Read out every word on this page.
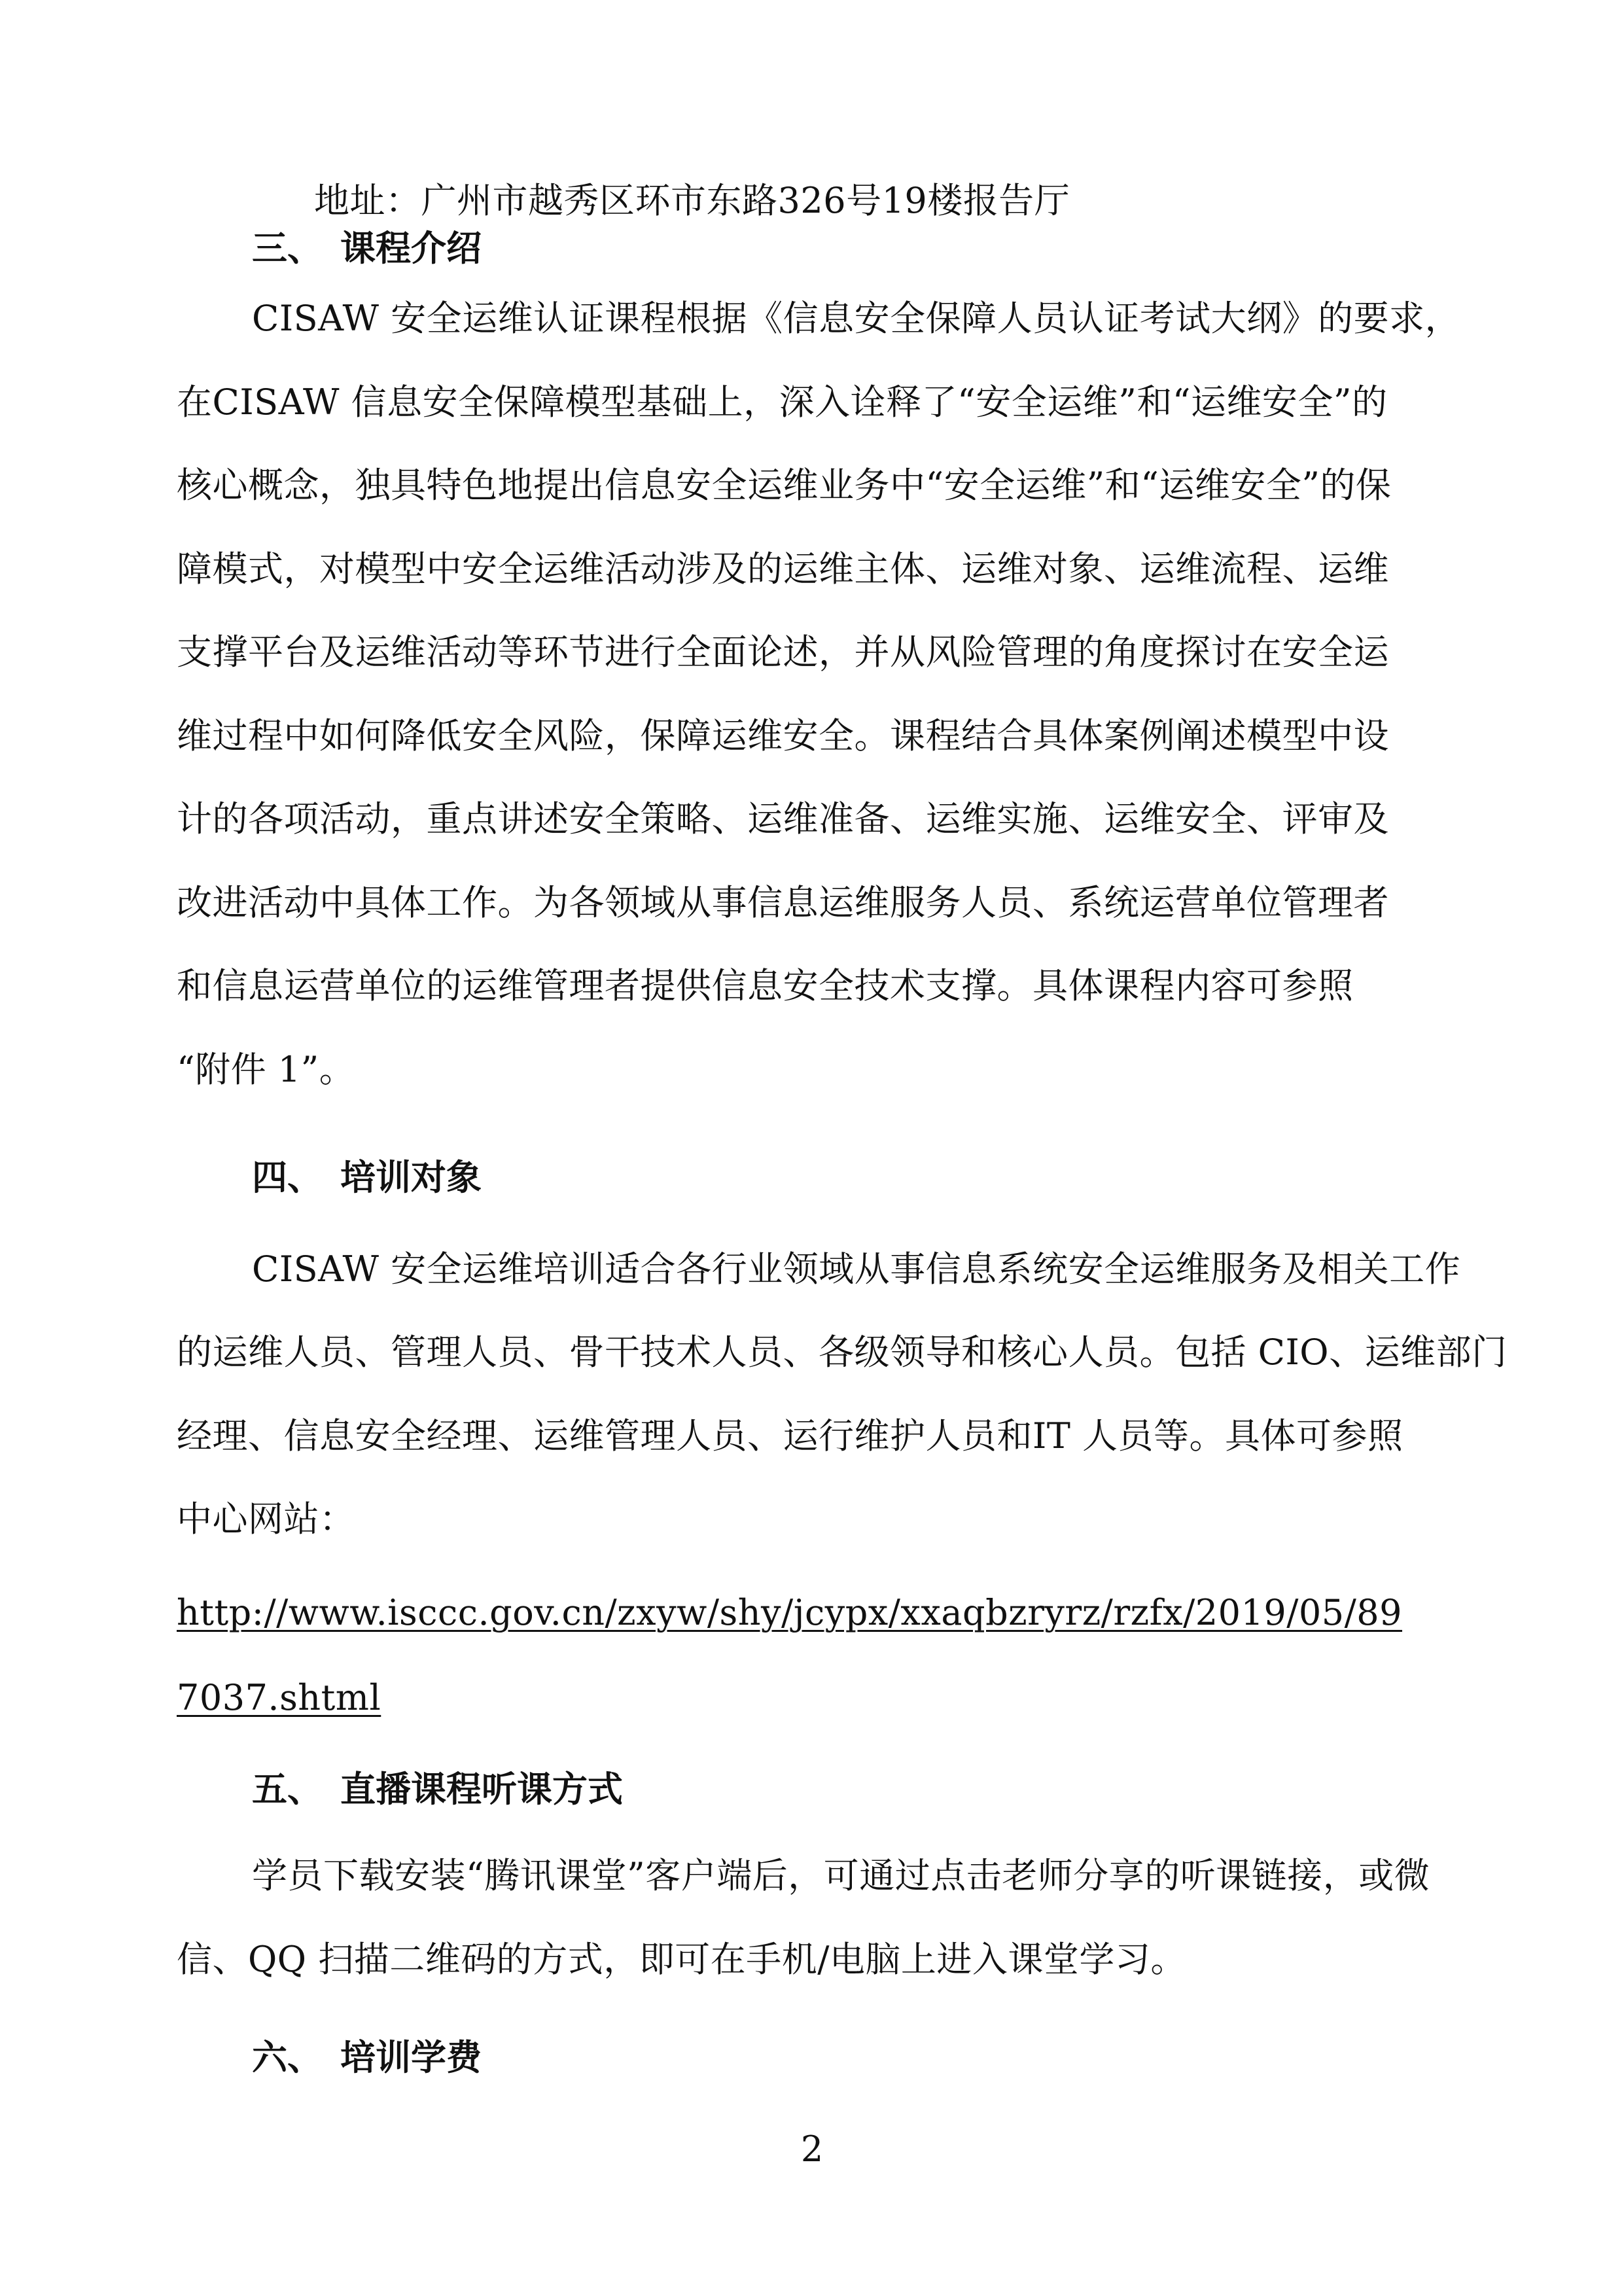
地址：广州市越秀区环市东路326号19楼报告厅
三、 课程介绍
CISAW 安全运维认证课程根据《信息安全保障人员认证考试大纲》的要求，
在CISAW 信息安全保障模型基础上，深入诠释了“安全运维”和“运维安全”的
核心概念，独具特色地提出信息安全运维业务中“安全运维”和“运维安全”的保
障模式，对模型中安全运维活动涉及的运维主体、运维对象、运维流程、运维
支撑平台及运维活动等环节进行全面论述，并从风险管理的角度探讨在安全运
维过程中如何降低安全风险，保障运维安全。课程结合具体案例阐述模型中设
计的各项活动，重点讲述安全策略、运维准备、运维实施、运维安全、评审及
改进活动中具体工作。为各领域从事信息运维服务人员、系统运营单位管理者
和信息运营单位的运维管理者提供信息安全技术支撑。具体课程内容可参照
“附件 1”。
四、 培训对象
CISAW 安全运维培训适合各行业领域从事信息系统安全运维服务及相关工作
的运维人员、管理人员、骨干技术人员、各级领导和核心人员。包括 CIO、运维部门
经理、信息安全经理、运维管理人员、运行维护人员和IT 人员等。具体可参照
中心网站：
http://www.isccc.gov.cn/zxyw/shy/jcypx/xxaqbzryrz/rzfx/2019/05/89
7037.shtml
五、 直播课程听课方式
学员下载安装“腾讯课堂”客户端后，可通过点击老师分享的听课链接，或微
信、QQ 扫描二维码的方式，即可在手机/电脑上进入课堂学习。
六、 培训学费
2
